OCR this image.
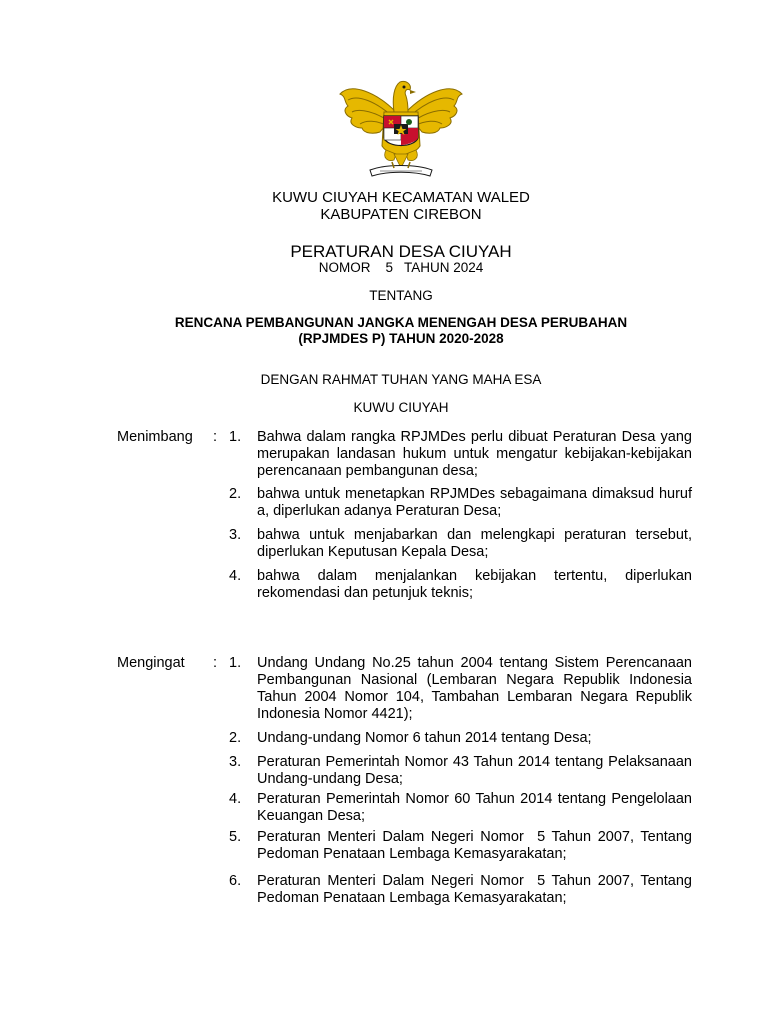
KUWU CIUYAH KECAMATAN WALED
KABUPATEN CIREBON
PERATURAN DESA CIUYAH
NOMOR    5   TAHUN 2024
TENTANG
RENCANA PEMBANGUNAN JANGKA MENENGAH DESA PERUBAHAN
(RPJMDES P) TAHUN 2020-2028
DENGAN RAHMAT TUHAN YANG MAHA ESA
KUWU CIUYAH
Menimbang : 1. Bahwa dalam rangka RPJMDes perlu dibuat Peraturan Desa yang merupakan landasan hukum untuk mengatur kebijakan-kebijakan perencanaan pembangunan desa;
2. bahwa untuk menetapkan RPJMDes sebagaimana dimaksud huruf a, diperlukan adanya Peraturan Desa;
3. bahwa untuk menjabarkan dan melengkapi peraturan tersebut, diperlukan Keputusan Kepala Desa;
4. bahwa dalam menjalankan kebijakan tertentu, diperlukan rekomendasi dan petunjuk teknis;
Mengingat : 1. Undang Undang No.25 tahun 2004 tentang Sistem Perencanaan Pembangunan Nasional (Lembaran Negara Republik Indonesia Tahun 2004 Nomor 104, Tambahan Lembaran Negara Republik Indonesia Nomor 4421);
2. Undang-undang Nomor 6 tahun 2014 tentang Desa;
3. Peraturan Pemerintah Nomor 43 Tahun 2014 tentang Pelaksanaan Undang-undang Desa;
4. Peraturan Pemerintah Nomor 60 Tahun 2014 tentang Pengelolaan Keuangan Desa;
5. Peraturan Menteri Dalam Negeri Nomor  5 Tahun 2007, Tentang  Pedoman Penataan Lembaga Kemasyarakatan;
6. Peraturan Menteri Dalam Negeri Nomor  5 Tahun 2007, Tentang  Pedoman Penataan Lembaga Kemasyarakatan;
